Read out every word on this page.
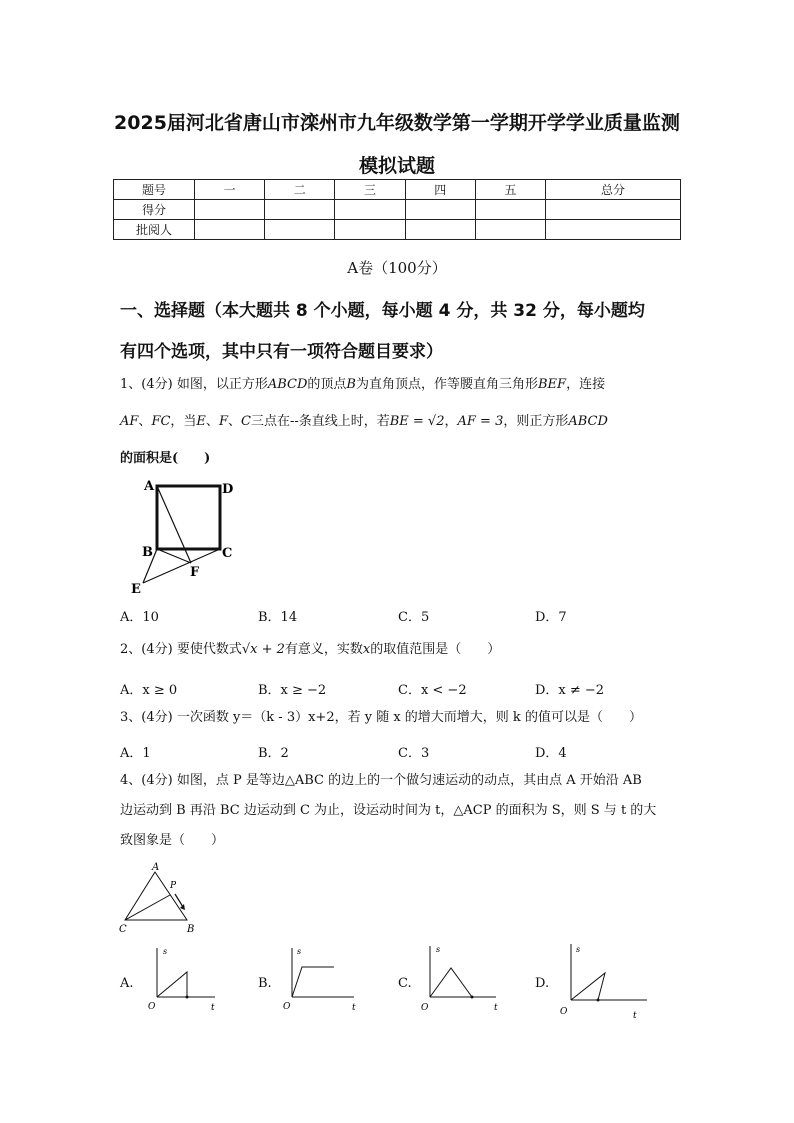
2025届河北省唐山市滦州市九年级数学第一学期开学学业质量监测
模拟试题
题号	一	二	三	四	五	总分
得分						
批阅人						
A卷（100分）
一、选择题（本大题共 8 个小题，每小题 4 分，共 32 分，每小题均
有四个选项，其中只有一项符合题目要求）
1、(4分) 如图，以正方形ABCD的顶点B为直角顶点，作等腰直角三角形BEF，连接
AF、FC，当E、F、C三点在--条直线上时，若BE = √2，AF = 3，则正方形ABCD
的面积是(　　)
A	D
B	C
F
E
A．10	B．14	C．5	D．7
2、(4分) 要使代数式√x + 2有意义，实数x的取值范围是（　　）
A．x ≥ 0	B．x ≥ −2	C．x < −2	D．x ≠ −2
3、(4分) 一次函数 y＝（k - 3）x+2，若 y 随 x 的增大而增大，则 k 的值可以是（　　）
A．1	B．2	C．3	D．4
4、(4分) 如图，点 P 是等边△ABC 的边上的一个做匀速运动的动点，其由点 A 开始沿 AB
边运动到 B 再沿 BC 边运动到 C 为止，设运动时间为 t，△ACP 的面积为 S，则 S 与 t 的大
致图象是（　　）
A
P
C	B
A.	B.	C.	D.
s
O	t
s
O	t
s
O	t
s
O	t
